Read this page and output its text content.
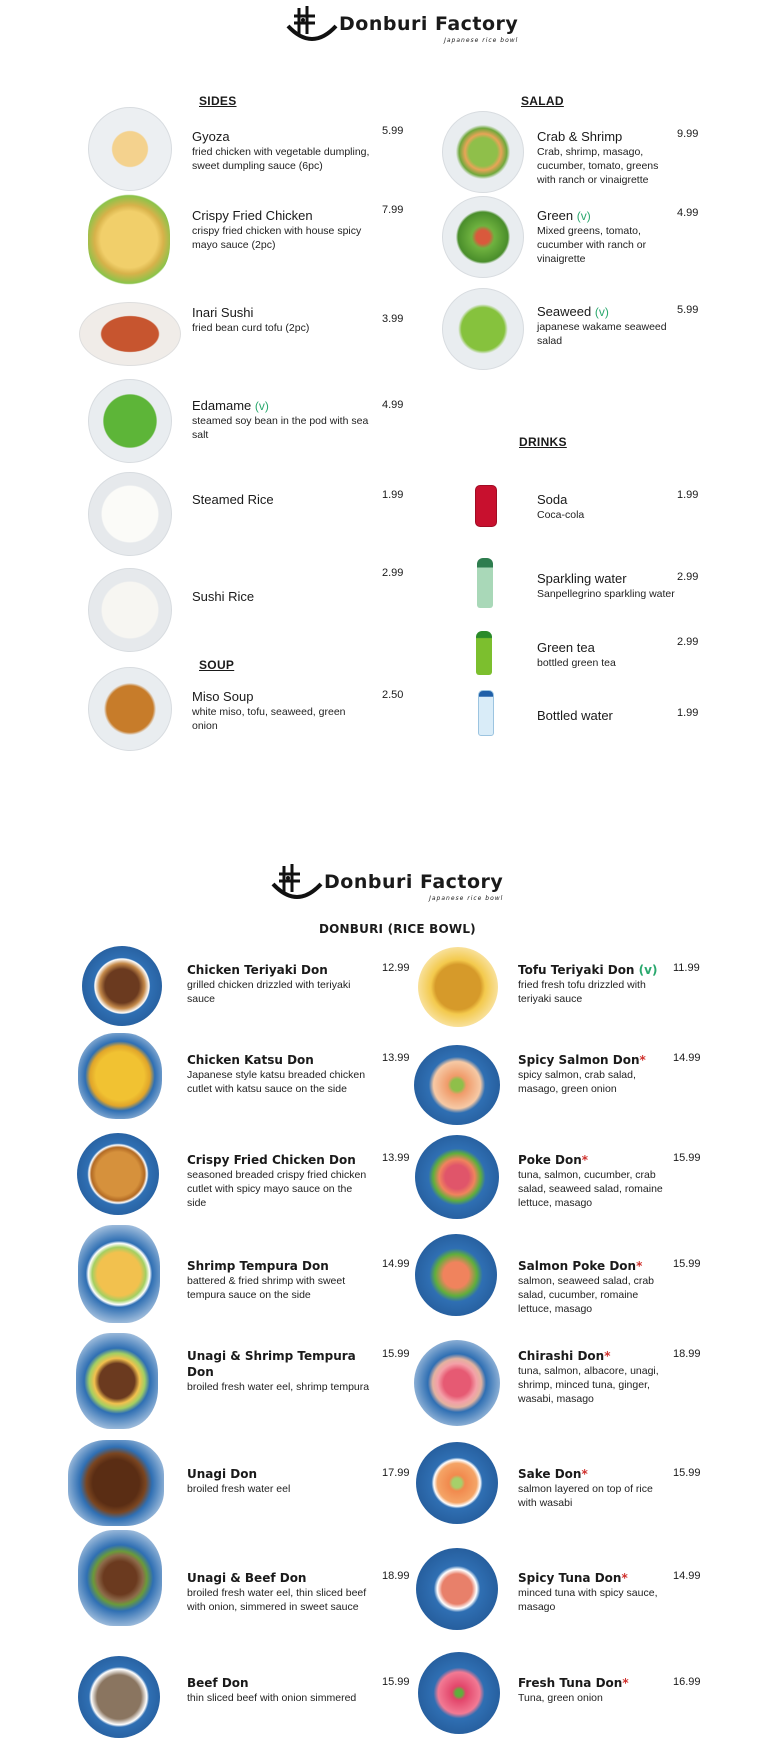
Donburi Factory
Japanese rice bowl
SIDES
Gyoza
fried chicken with vegetable dumpling, sweet dumpling sauce (6pc)
5.99
Crispy Fried Chicken
crispy fried chicken with house spicy mayo sauce (2pc)
7.99
Inari Sushi
fried bean curd tofu (2pc)
3.99
Edamame (v)
steamed soy bean in the pod with sea salt
4.99
Steamed Rice	1.99
Sushi Rice
2.99
SOUP
Miso Soup
white miso, tofu, seaweed, green onion
2.50
SALAD
Crab & Shrimp
Crab, shrimp, masago, cucumber, tomato, greens with ranch or vinaigrette
9.99
Green (v)
Mixed greens, tomato, cucumber with ranch or vinaigrette
4.99
Seaweed (v)
japanese wakame seaweed salad
5.99
DRINKS
Soda
Coca-cola
1.99
Sparkling water
Sanpellegrino sparkling water
2.99
Green tea
bottled green tea
2.99
Bottled water	1.99
Donburi Factory
Japanese rice bowl
DONBURI (RICE BOWL)
Chicken Teriyaki Don
grilled chicken drizzled with teriyaki sauce
12.99
Chicken Katsu Don
Japanese style katsu breaded chicken cutlet with katsu sauce on the side
13.99
Crispy Fried Chicken Don
seasoned breaded crispy fried chicken cutlet with spicy mayo sauce on the side
13.99
Shrimp Tempura Don
battered & fried shrimp with sweet tempura sauce on the side
14.99
Unagi & Shrimp Tempura Don
broiled fresh water eel, shrimp tempura
15.99
Unagi Don
broiled fresh water eel
17.99
Unagi & Beef Don
broiled fresh water eel, thin sliced beef with onion, simmered in sweet sauce
18.99
Beef Don
thin sliced beef with onion simmered
15.99
Tofu Teriyaki Don (v)
fried fresh tofu drizzled with teriyaki sauce
11.99
Spicy Salmon Don*
spicy salmon, crab salad, masago, green onion
14.99
Poke Don*
tuna, salmon, cucumber, crab salad, seaweed salad, romaine lettuce, masago
15.99
Salmon Poke Don*
salmon, seaweed salad, crab salad, cucumber, romaine lettuce, masago
15.99
Chirashi Don*
tuna, salmon, albacore, unagi, shrimp, minced tuna, ginger, wasabi, masago
18.99
Sake Don*
salmon layered on top of rice with wasabi
15.99
Spicy Tuna Don*
minced tuna with spicy sauce, masago
14.99
Fresh Tuna Don*
Tuna, green onion
16.99
